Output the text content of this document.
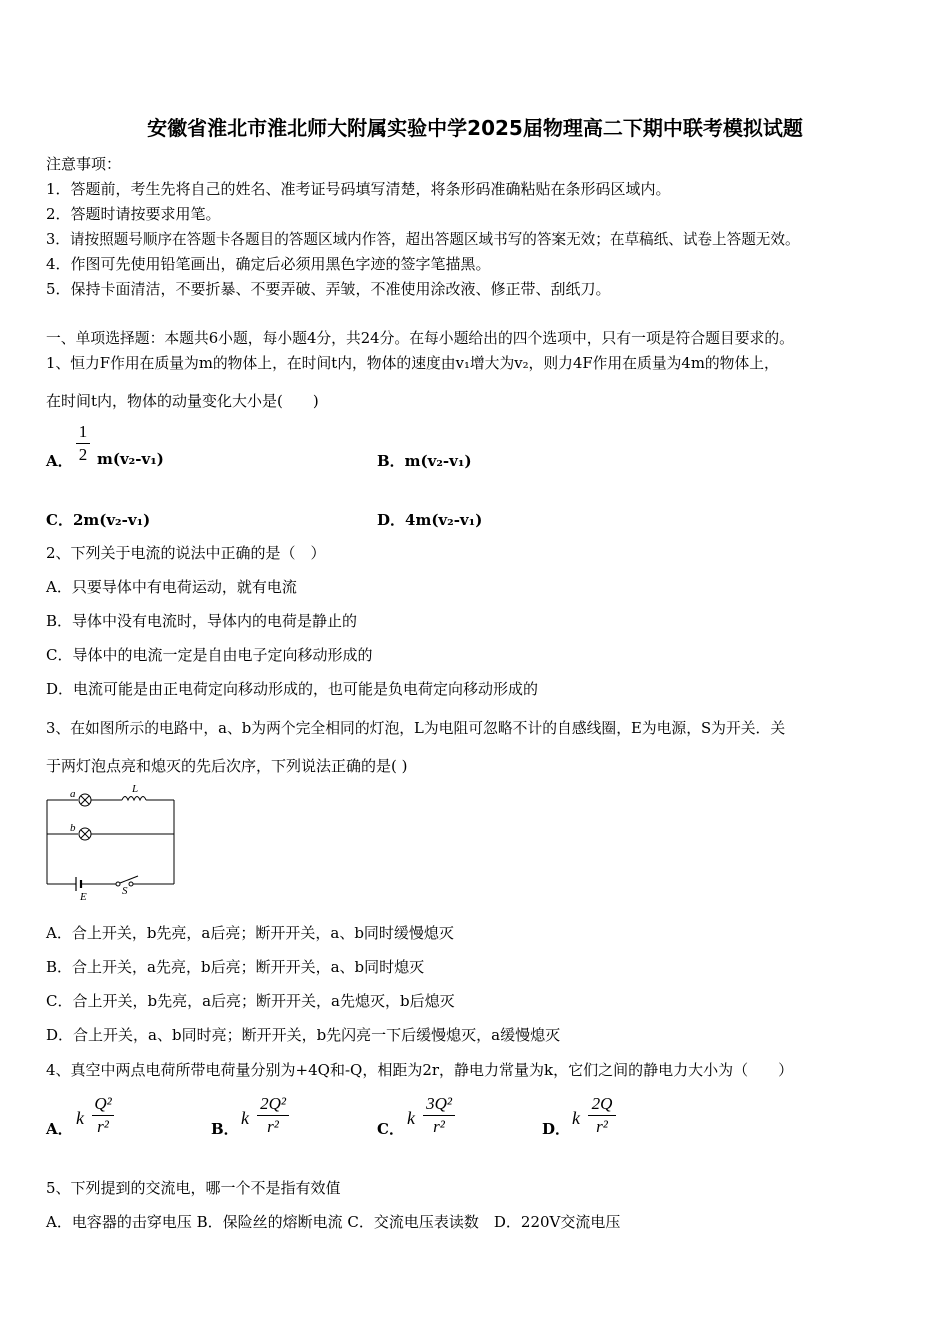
安徽省淮北市淮北师大附属实验中学2025届物理高二下期中联考模拟试题
注意事项：
1．答题前，考生先将自己的姓名、准考证号码填写清楚，将条形码准确粘贴在条形码区域内。
2．答题时请按要求用笔。
3．请按照题号顺序在答题卡各题目的答题区域内作答，超出答题区域书写的答案无效；在草稿纸、试卷上答题无效。
4．作图可先使用铅笔画出，确定后必须用黑色字迹的签字笔描黑。
5．保持卡面清洁，不要折暴、不要弄破、弄皱，不准使用涂改液、修正带、刮纸刀。
一、单项选择题：本题共6小题，每小题4分，共24分。在每小题给出的四个选项中，只有一项是符合题目要求的。
1、恒力F作用在质量为m的物体上，在时间t内，物体的速度由v₁增大为v₂，则力4F作用在质量为4m的物体上，
在时间t内，物体的动量变化大小是(　　)
A．
1
2 m(v₂-v₁)	B．m(v₂-v₁)
C．2m(v₂-v₁)	D．4m(v₂-v₁)
2、下列关于电流的说法中正确的是（　）
A．只要导体中有电荷运动，就有电流
B．导体中没有电流时，导体内的电荷是静止的
C．导体中的电流一定是自由电子定向移动形成的
D．电流可能是由正电荷定向移动形成的，也可能是负电荷定向移动形成的
3、在如图所示的电路中，a、b为两个完全相同的灯泡，L为电阻可忽略不计的自感线圈，E为电源，S为开关．关
于两灯泡点亮和熄灭的先后次序，下列说法正确的是( )
a
b
L
E	S
A．合上开关，b先亮，a后亮；断开开关，a、b同时缓慢熄灭
B．合上开关，a先亮，b后亮；断开开关，a、b同时熄灭
C．合上开关，b先亮，a后亮；断开开关，a先熄灭，b后熄灭
D．合上开关，a、b同时亮；断开开关，b先闪亮一下后缓慢熄灭，a缓慢熄灭
4、真空中两点电荷所带电荷量分别为+4Q和-Q，相距为2r，静电力常量为k，它们之间的静电力大小为（　　）
A．
k
Q²
r²	B．
k
2Q²
r²	C．
k
3Q²
r²	D．
k
2Q
r²
5、下列提到的交流电，哪一个不是指有效值
A．电容器的击穿电压 B．保险丝的熔断电流 C．交流电压表读数　D．220V交流电压
